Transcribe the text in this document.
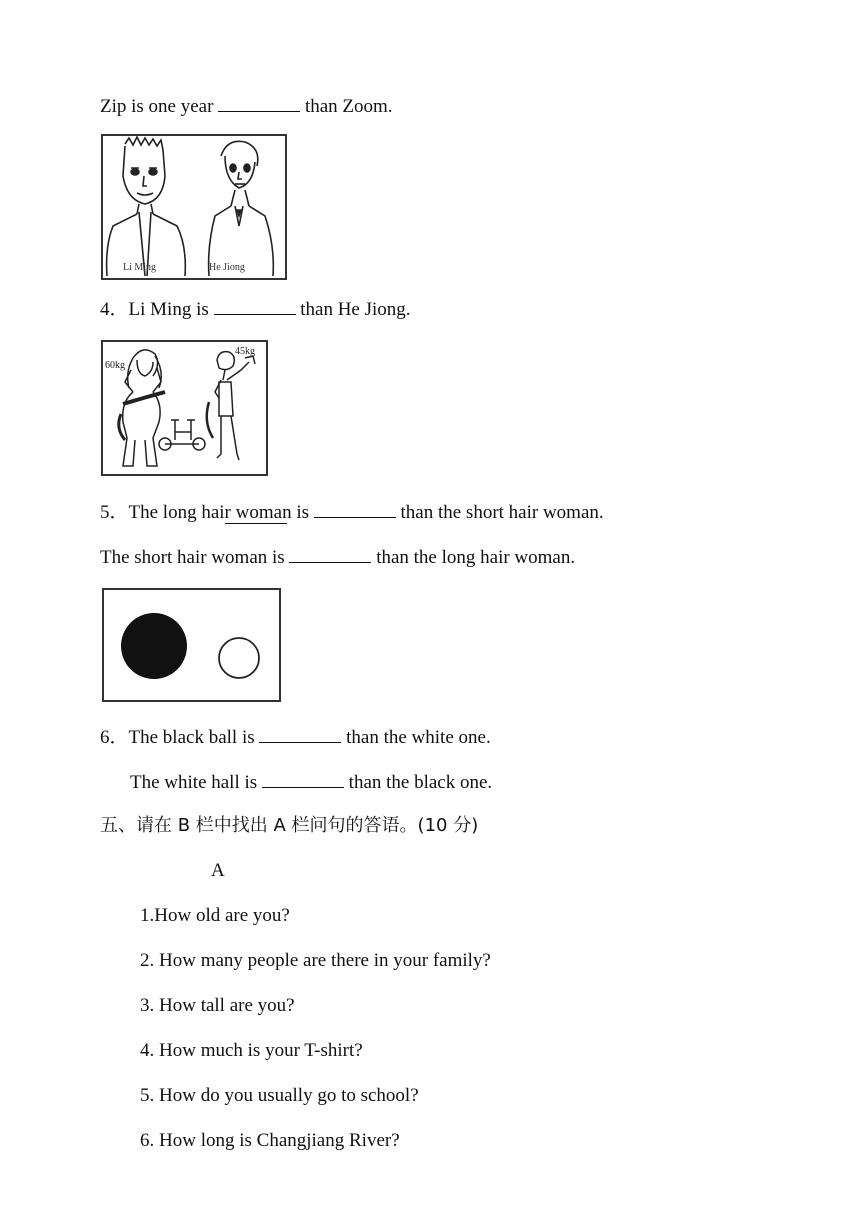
Zip is one year	than Zoom.
Li Ming	He Jiong
4．Li Ming is	than He Jiong.
60kg
45kg
5．The long hair woma
n is	than the short hair woman.
The short hair woman is	than the long hair woman.
6．The black ball is	than the white one.
The white hall is	than the black one.
五、请在 B 栏中找出 A 栏问句的答语。(10 分)
A
1.How old are you?
2. How many people are there in your family?
3. How tall are you?
4. How much is your T-shirt?
5. How do you usually go to school?
6. How long is Changjiang River?
